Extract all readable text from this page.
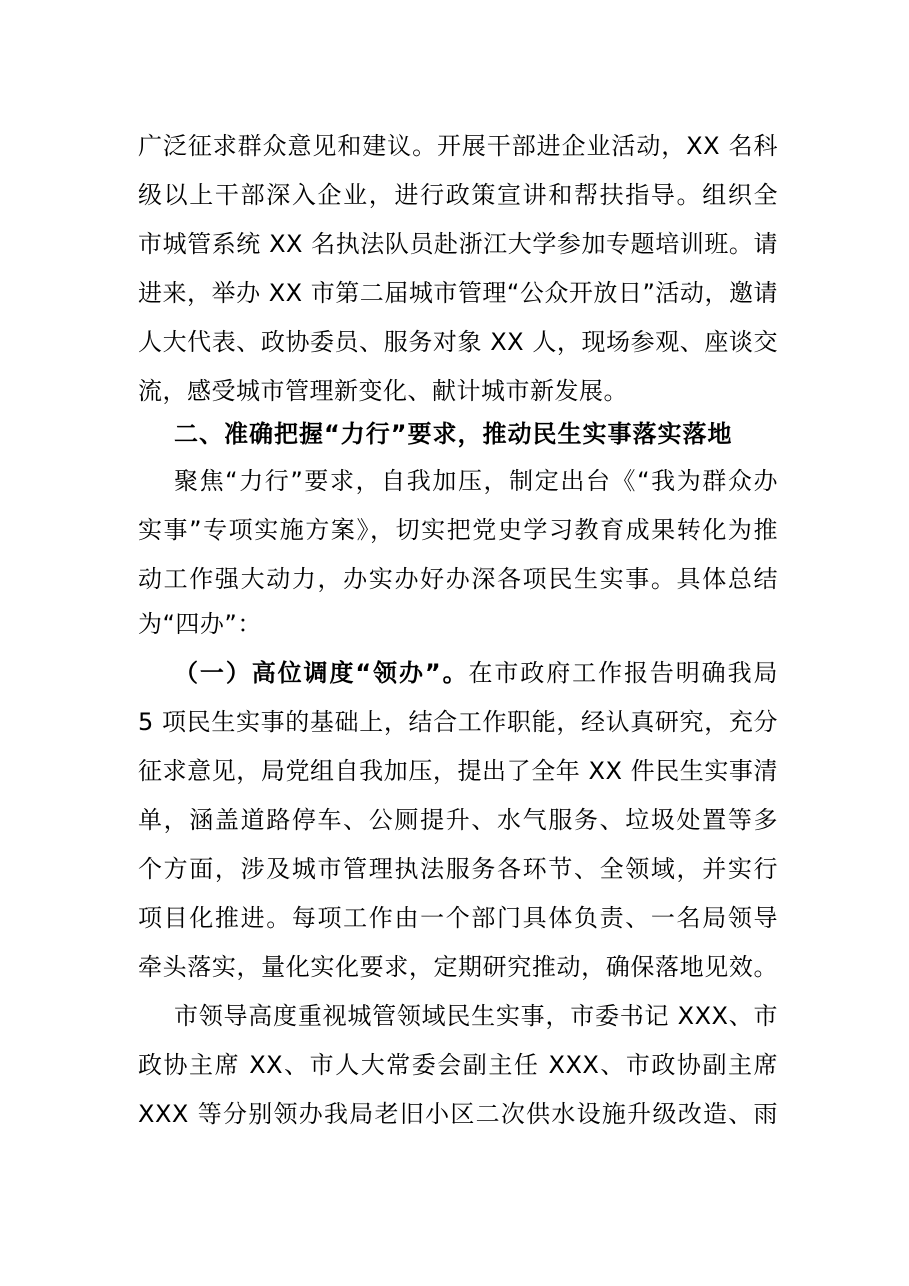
广泛征求群众意见和建议。开展干部进企业活动，XX 名科
级以上干部深入企业，进行政策宣讲和帮扶指导。组织全
市城管系统 XX 名执法队员赴浙江大学参加专题培训班。请
进来，举办 XX 市第二届城市管理“公众开放日”活动，邀请
人大代表、政协委员、服务对象 XX 人，现场参观、座谈交
流，感受城市管理新变化、献计城市新发展。
二、准确把握“力行”要求，推动民生实事落实落地
聚焦“力行”要求，自我加压，制定出台《“我为群众办
实事”专项实施方案》，切实把党史学习教育成果转化为推
动工作强大动力，办实办好办深各项民生实事。具体总结
为“四办”：
（一）高位调度“领办”。在市政府工作报告明确我局
5 项民生实事的基础上，结合工作职能，经认真研究，充分
征求意见，局党组自我加压，提出了全年 XX 件民生实事清
单，涵盖道路停车、公厕提升、水气服务、垃圾处置等多
个方面，涉及城市管理执法服务各环节、全领域，并实行
项目化推进。每项工作由一个部门具体负责、一名局领导
牵头落实，量化实化要求，定期研究推动，确保落地见效。
市领导高度重视城管领域民生实事，市委书记 XXX、市
政协主席 XX、市人大常委会副主任 XXX、市政协副主席
XXX 等分别领办我局老旧小区二次供水设施升级改造、雨
